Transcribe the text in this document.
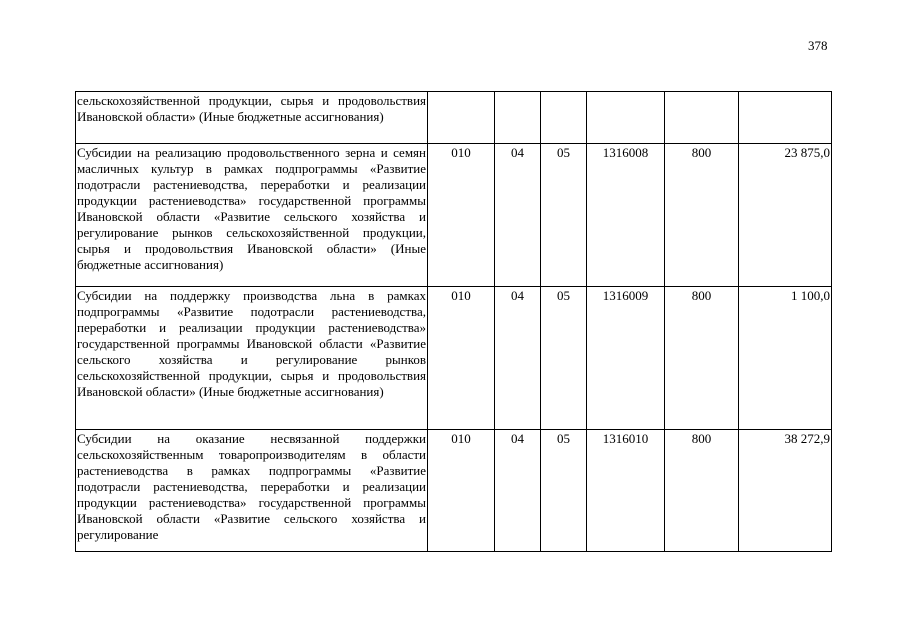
378
сельскохозяйственной продукции, сырья и продовольствия Ивановской области» (Иные бюджетные ассигнования)						
Субсидии на реализацию продовольственного зерна и семян масличных культур в рамках подпрограммы «Развитие подотрасли растениеводства, переработки и реализации продукции растениеводства» государственной программы Ивановской области «Развитие сельского хозяйства и регулирование рынков сельскохозяйственной продукции, сырья и продовольствия Ивановской области» (Иные бюджетные ассигнования)	010	04	05	1316008	800	23 875,0
Субсидии на поддержку производства льна в рамках подпрограммы «Развитие подотрасли растениеводства, переработки и реализации продукции растениеводства» государственной программы Ивановской области «Развитие сельского хозяйства и регулирование рынков сельскохозяйственной продукции, сырья и продовольствия Ивановской области» (Иные бюджетные ассигнования)	010	04	05	1316009	800	1 100,0
Субсидии на оказание несвязанной поддержки сельскохозяйственным товаропроизводителям в области растениеводства в рамках подпрограммы «Развитие подотрасли растениеводства, переработки и реализации продукции растениеводства» государственной программы Ивановской области «Развитие сельского хозяйства и регулирование	010	04	05	1316010	800	38 272,9
